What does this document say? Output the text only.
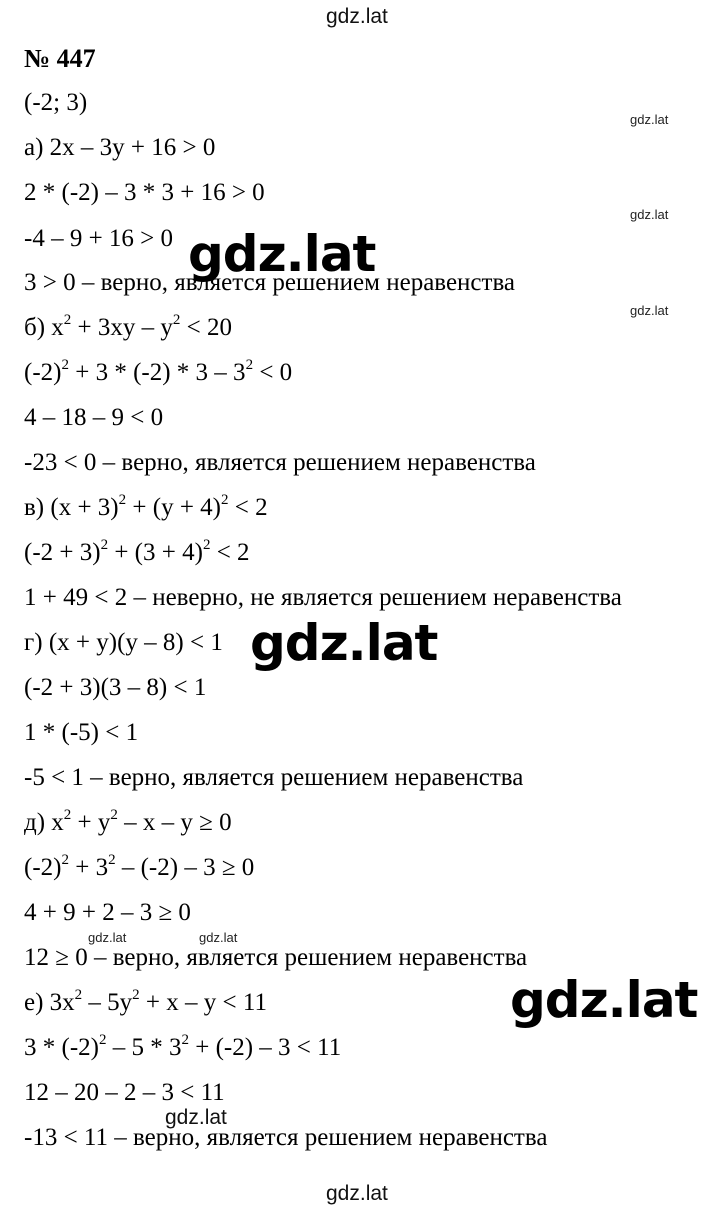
gdz.lat
gdz.lat
№ 447
(-2; 3)
а) 2x – 3y + 16 > 0
2 * (-2) – 3 * 3 + 16 > 0
-4 – 9 + 16 > 0
3 > 0 – верно, является решением неравенства
б) $x^2 + 3xy - y^2 < 20$
$(-2)^2 + 3 * (-2) * 3 - 3^2 < 0$
4 – 18 – 9 < 0
-23 < 0 – верно, является решением неравенства
в) $(x + 3)^2 + (y + 4)^2 < 2$
$(-2 + 3)^2 + (3 + 4)^2 < 2$
1 + 49 < 2 – неверно, не является решением неравенства
г) (x + y)(y – 8) < 1
(-2 + 3)(3 – 8) < 1
1 * (-5) < 1
-5 < 1 – верно, является решением неравенства
д) $x^2 + y^2 - x - y \ge 0$
$(-2)^2 + 3^2 - (-2) - 3 \ge 0$
4 + 9 + 2 – 3 ≥ 0
12 ≥ 0 – верно, является решением неравенства
е) $3x^2 - 5y^2 + x - y < 11$
$3 * (-2)^2 - 5 * 3^2 + (-2) - 3 < 11$
12 – 20 – 2 – 3 < 11
-13 < 11 – верно, является решением неравенства
gdz.lat
gdz.lat
gdz.lat
gdz.lat	gdz.lat
gdz.lat
gdz.lat
gdz.lat
gdz.lat
